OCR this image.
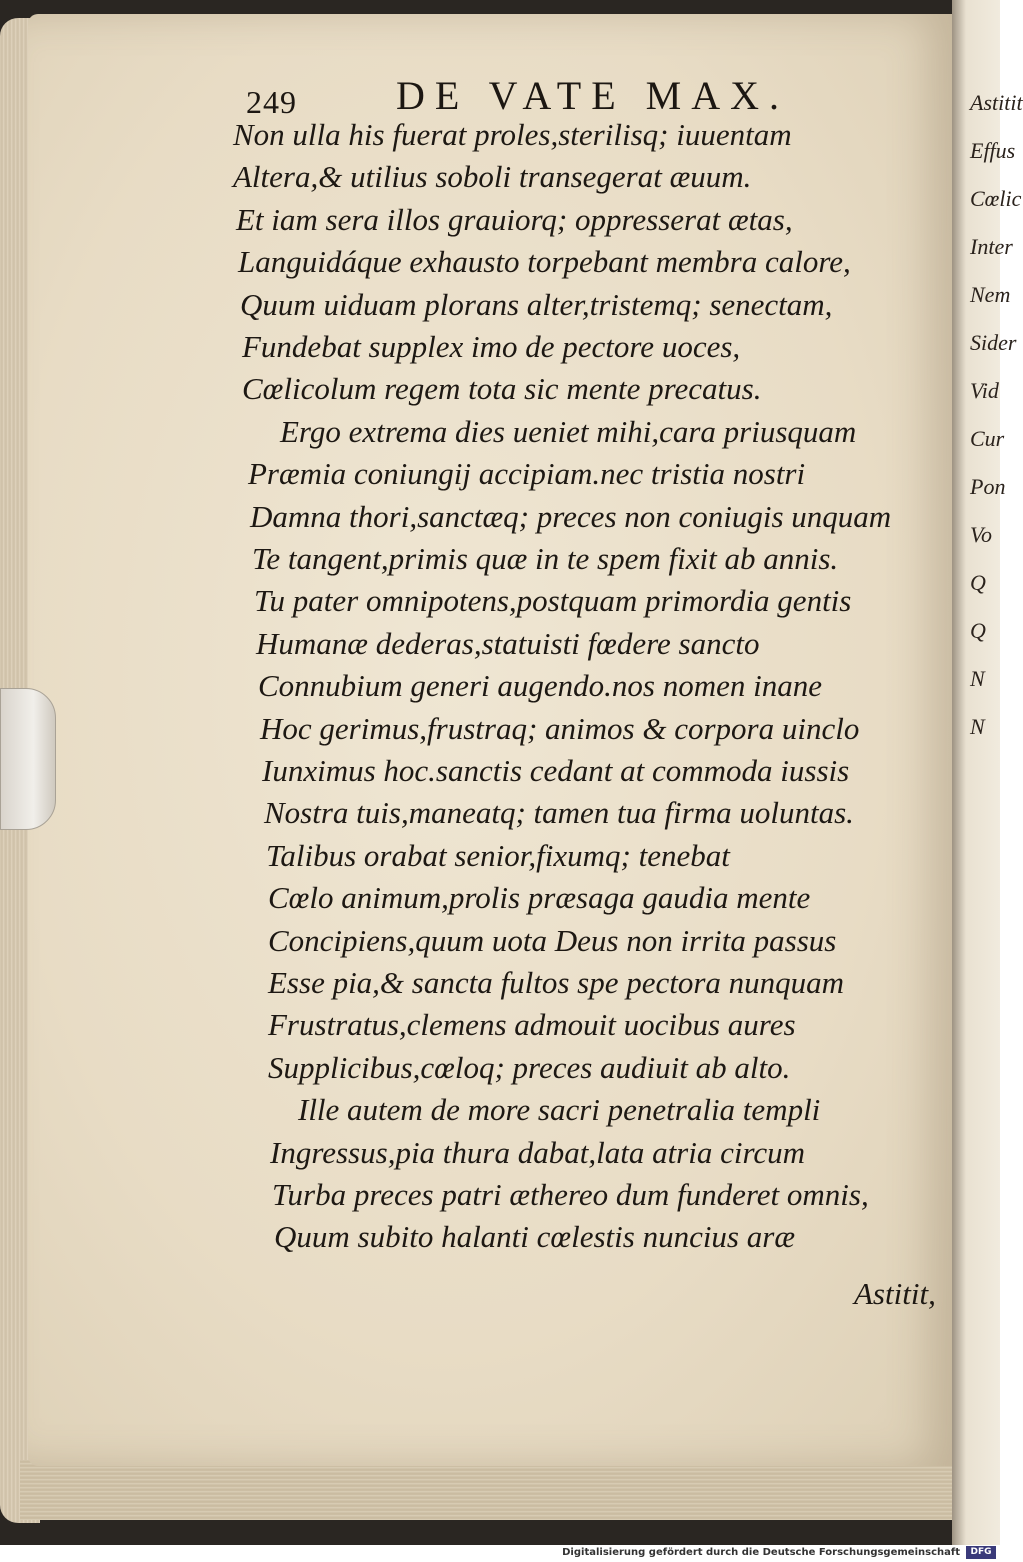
249 DE VATE MAX.
Non ulla his fuerat proles,sterilisq; iuuentam
Altera,& utilius soboli transegerat æuum.
Et iam sera illos grauiorq; oppresserat ætas,
Languidáque exhausto torpebant membra calore,
Quum uiduam plorans alter,tristemq; senectam,
Fundebat supplex imo de pectore uoces,
Cœlicolum regem tota sic mente precatus.
Ergo extrema dies ueniet mihi,cara priusquam
Præmia coniungij accipiam.nec tristia nostri
Damna thori,sanctæq; preces non coniugis unquam
Te tangent,primis quæ in te spem fixit ab annis.
Tu pater omnipotens,postquam primordia gentis
Humanæ dederas,statuisti fœdere sancto
Connubium generi augendo.nos nomen inane
Hoc gerimus,frustraq; animos & corpora uinclo
Iunximus hoc.sanctis cedant at commoda iussis
Nostra tuis,maneatq; tamen tua firma uoluntas.
Talibus orabat senior,fixumq; tenebat
Cœlo animum,prolis præsaga gaudia mente
Concipiens,quum uota Deus non irrita passus
Esse pia,& sancta fultos spe pectora nunquam
Frustratus,clemens admouit uocibus aures
Supplicibus,cœloq; preces audiuit ab alto.
Ille autem de more sacri penetralia templi
Ingressus,pia thura dabat,lata atria circum
Turba preces patri æthereo dum funderet omnis,
Quum subito halanti cœlestis nuncius aræ
Astitit,
Astitit
Effus
Cœlic
Inter
Nem
Sider
Vid
Cur
Pon
Vo
Q
Q
N
N
Digitalisierung gefördert durch die Deutsche Forschungsgemeinschaft	DFG
